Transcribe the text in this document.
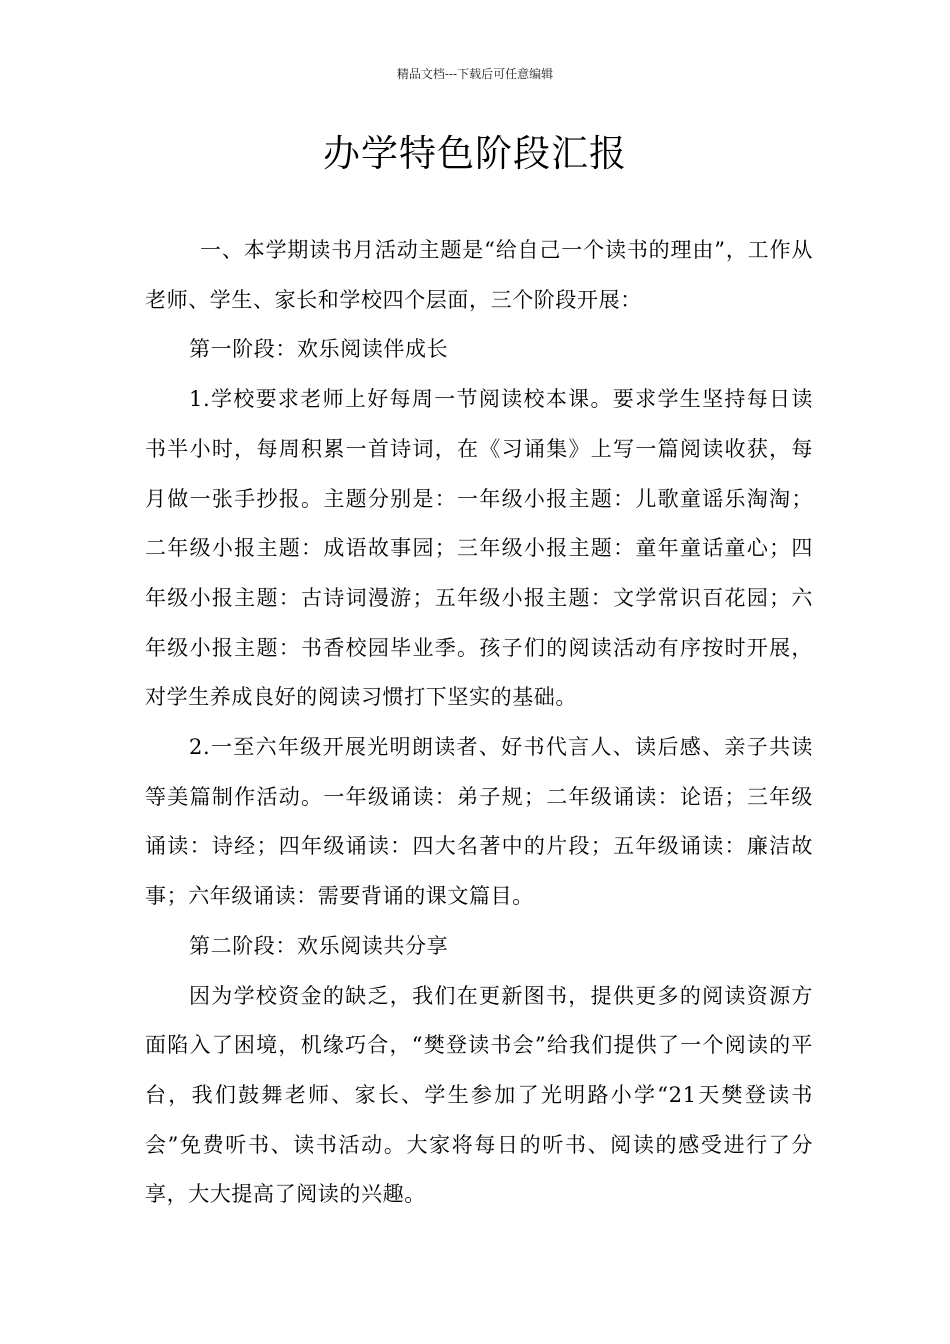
精品文档---下载后可任意编辑
办学特色阶段汇报

一、本学期读书月活动主题是“给自己一个读书的理由”，工作从老师、学生、家长和学校四个层面，三个阶段开展：

第一阶段：欢乐阅读伴成长

1.学校要求老师上好每周一节阅读校本课。要求学生坚持每日读书半小时，每周积累一首诗词，在《习诵集》上写一篇阅读收获，每月做一张手抄报。主题分别是：一年级小报主题：儿歌童谣乐淘淘；二年级小报主题：成语故事园；三年级小报主题：童年童话童心；四年级小报主题：古诗词漫游；五年级小报主题：文学常识百花园；六年级小报主题：书香校园毕业季。孩子们的阅读活动有序按时开展，对学生养成良好的阅读习惯打下坚实的基础。

2.一至六年级开展光明朗读者、好书代言人、读后感、亲子共读等美篇制作活动。一年级诵读：弟子规；二年级诵读：论语；三年级诵读：诗经；四年级诵读：四大名著中的片段；五年级诵读：廉洁故事；六年级诵读：需要背诵的课文篇目。

第二阶段：欢乐阅读共分享

因为学校资金的缺乏，我们在更新图书，提供更多的阅读资源方面陷入了困境，机缘巧合，“樊登读书会”给我们提供了一个阅读的平台，我们鼓舞老师、家长、学生参加了光明路小学“21天樊登读书会”免费听书、读书活动。大家将每日的听书、阅读的感受进行了分享，大大提高了阅读的兴趣。
